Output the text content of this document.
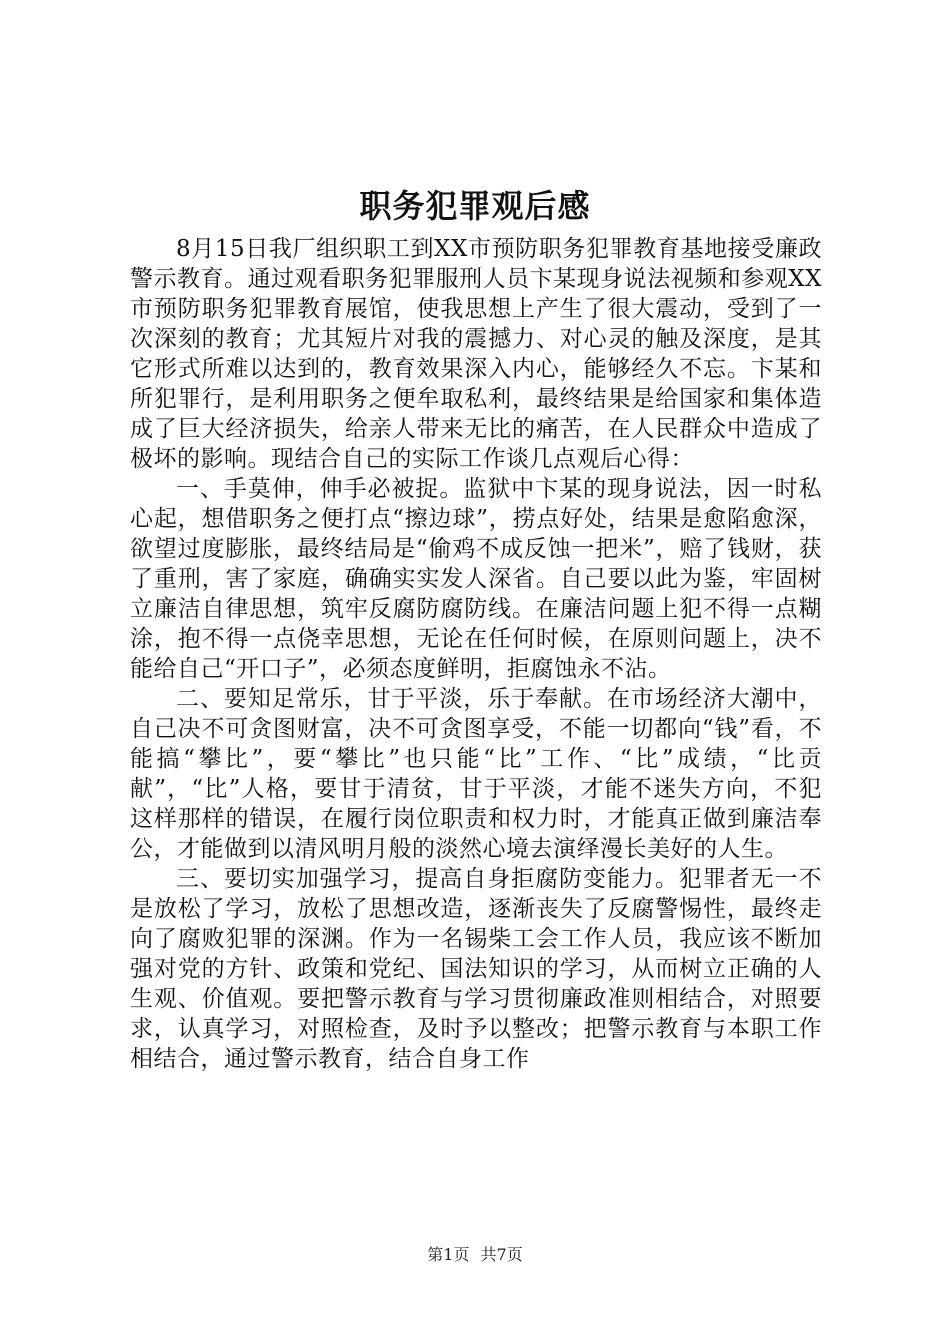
职务犯罪观后感

8月15日我厂组织职工到XX市预防职务犯罪教育基地接受廉政警示教育。通过观看职务犯罪服刑人员卞某现身说法视频和参观XX市预防职务犯罪教育展馆，使我思想上产生了很大震动，受到了一次深刻的教育；尤其短片对我的震撼力、对心灵的触及深度，是其它形式所难以达到的，教育效果深入内心，能够经久不忘。卞某和所犯罪行，是利用职务之便牟取私利，最终结果是给国家和集体造成了巨大经济损失，给亲人带来无比的痛苦，在人民群众中造成了极坏的影响。现结合自己的实际工作谈几点观后心得：

一、手莫伸，伸手必被捉。监狱中卞某的现身说法，因一时私心起，想借职务之便打点“擦边球”，捞点好处，结果是愈陷愈深，欲望过度膨胀，最终结局是“偷鸡不成反蚀一把米”，赔了钱财，获了重刑，害了家庭，确确实实发人深省。自己要以此为鉴，牢固树立廉洁自律思想，筑牢反腐防腐防线。在廉洁问题上犯不得一点糊涂，抱不得一点侥幸思想，无论在任何时候，在原则问题上，决不能给自己“开口子”，必须态度鲜明，拒腐蚀永不沾。

二、要知足常乐，甘于平淡，乐于奉献。在市场经济大潮中，自己决不可贪图财富，决不可贪图享受，不能一切都向“钱”看，不能搞“攀比”，要“攀比”也只能“比”工作、“比”成绩，“比贡献”，“比”人格，要甘于清贫，甘于平淡，才能不迷失方向，不犯这样那样的错误，在履行岗位职责和权力时，才能真正做到廉洁奉公，才能做到以清风明月般的淡然心境去演绎漫长美好的人生。

三、要切实加强学习，提高自身拒腐防变能力。犯罪者无一不是放松了学习，放松了思想改造，逐渐丧失了反腐警惕性，最终走向了腐败犯罪的深渊。作为一名锡柴工会工作人员，我应该不断加强对党的方针、政策和党纪、国法知识的学习，从而树立正确的人生观、价值观。要把警示教育与学习贯彻廉政准则相结合，对照要求，认真学习，对照检查，及时予以整改；把警示教育与本职工作相结合，通过警示教育，结合自身工作

第1页 共7页
